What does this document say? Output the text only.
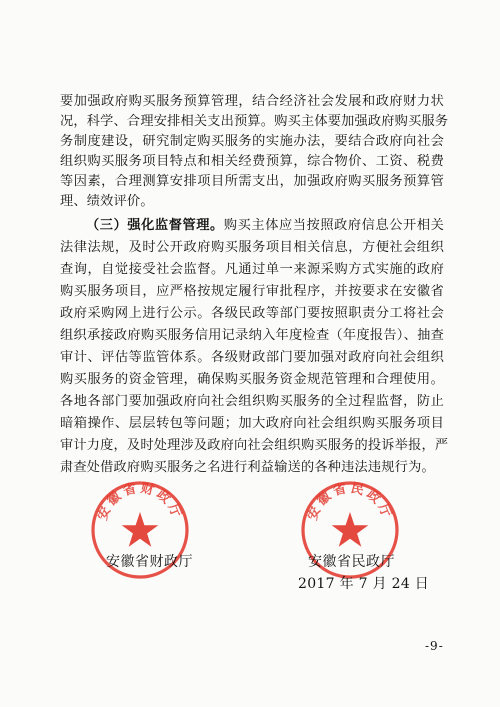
要加强政府购买服务预算管理，结合经济社会发展和政府财力状
况，科学、合理安排相关支出预算。购买主体要加强政府购买服务
务制度建设，研究制定购买服务的实施办法，要结合政府向社会
组织购买服务项目特点和相关经费预算，综合物价、工资、税费
等因素，合理测算安排项目所需支出，加强政府购买服务预算管
理、绩效评价。
（三）强化监督管理。购买主体应当按照政府信息公开相关
法律法规，及时公开政府购买服务项目相关信息，方便社会组织
查询，自觉接受社会监督。凡通过单一来源采购方式实施的政府
购买服务项目，应严格按规定履行审批程序，并按要求在安徽省
政府采购网上进行公示。各级民政等部门要按照职责分工将社会
组织承接政府购买服务信用记录纳入年度检查（年度报告）、抽查
审计、评估等监管体系。各级财政部门要加强对政府向社会组织
购买服务的资金管理，确保购买服务资金规范管理和合理使用。
各地各部门要加强政府向社会组织购买服务的全过程监督，防止
暗箱操作、层层转包等问题；加大政府向社会组织购买服务项目
审计力度，及时处理涉及政府向社会组织购买服务的投诉举报，严
肃查处借政府购买服务之名进行利益输送的各种违法违规行为。
安徽省财政厅	安徽省民政厅
安徽省财政厅	安徽省民政厅
2017 年 7 月 24 日
-9-
